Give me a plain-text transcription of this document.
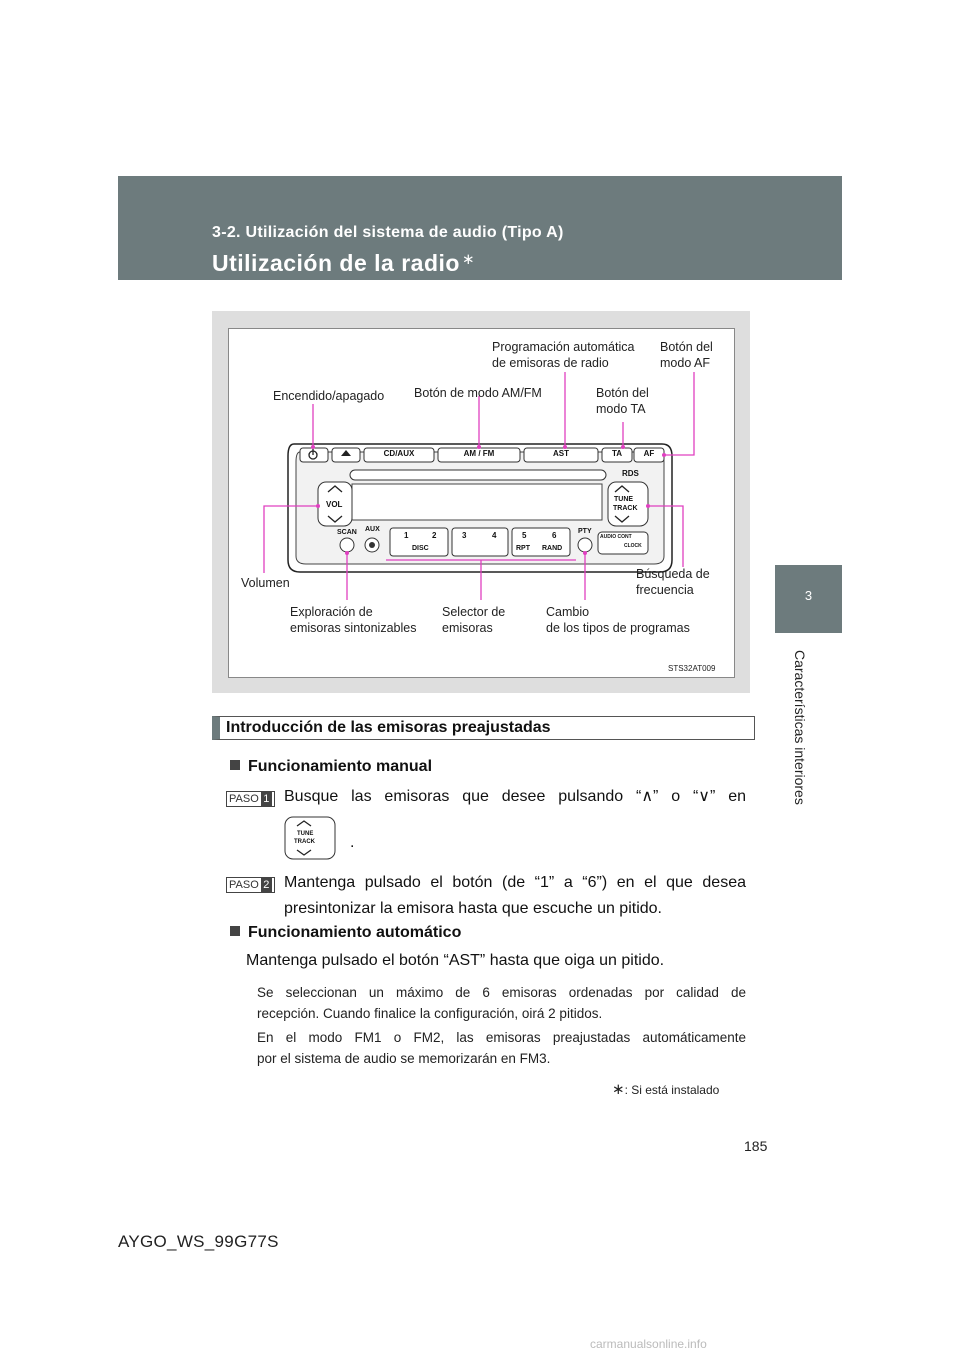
3-2. Utilización del sistema de audio (Tipo A)
Utilización de la radio ∗
3
Características interiores
CD/AUX	AM / FM	AST	TA	AF
VOL
TUNE
TRACK
RDS
SCAN AUX
1	2	3	4	5	6
DISC	RPT RAND
PTY
AUDIO CONT
CLOCK
Programación automática
de emisoras de radio
Botón del
modo AF
Encendido/apagado Botón de modo AM/FM	Botón del
modo TA
Volumen
Búsqueda de
frecuencia
Exploración de
emisoras sintonizables
Selector de
emisoras
Cambio
de los tipos de programas
STS32AT009
Introducción de las emisoras preajustadas
Funcionamiento manual
PASO 1 Busque las emisoras que desee pulsando “∧” o “∨” en
TUNE
TRACK .
PASO 2 Mantenga pulsado el botón (de “1” a “6”) en el que desea
presintonizar la emisora hasta que escuche un pitido.
Funcionamiento automático
Mantenga pulsado el botón “AST” hasta que oiga un pitido.
Se seleccionan un máximo de 6 emisoras ordenadas por calidad de
recepción. Cuando finalice la configuración, oirá 2 pitidos.
En el modo FM1 o FM2, las emisoras preajustadas automáticamente
por el sistema de audio se memorizarán en FM3.
∗: Si está instalado
185
AYGO_WS_99G77S
carmanualsonline.info
